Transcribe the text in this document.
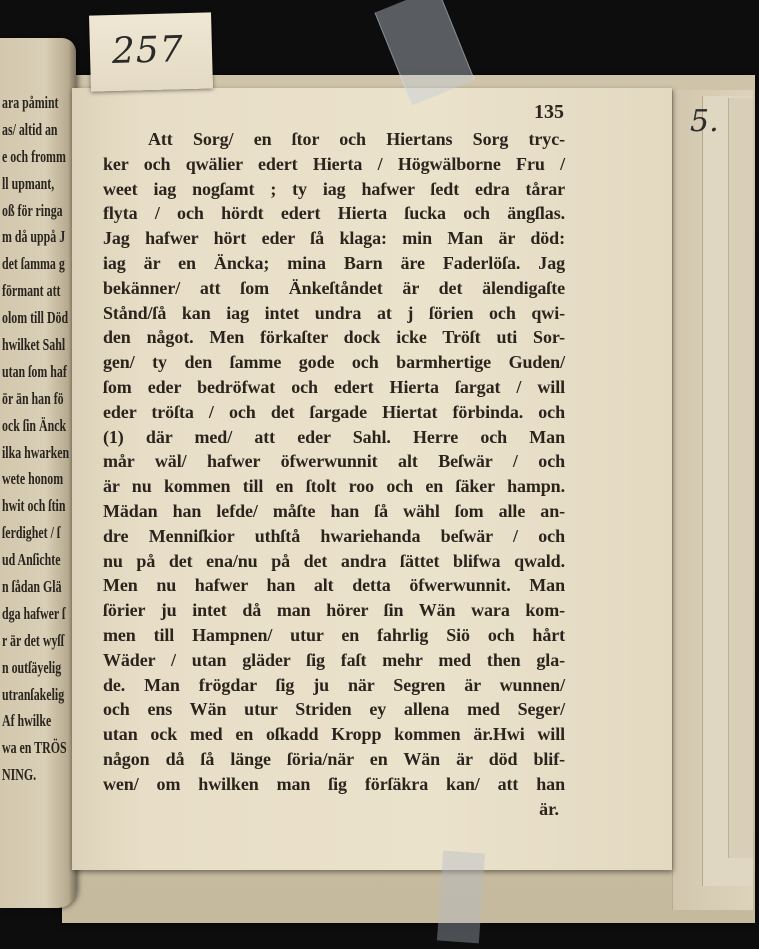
5.
ara påmint
as/ altid an
e och fromm
ll upmant,
oß för ringa
m då uppå J
det ſamma g
förmant att
olom till Död
hwilket Sahl
utan ſom haf
ör än han fö
ock ſin Änck
ilka hwarken
wete honom
hwit och ſtin
ſerdighet / ſ
ud Anſichte
n ſådan Glä
dga hafwer ſ
r är det wyſſ
n outſäyelig
utranſakelig
Af hwilke
wa en TRÖS
NING.
135
Att Sorg/ en ſtor och Hiertans Sorg tryc-
ker och qwälier edert Hierta / Högwälborne Fru /
weet iag nogſamt ; ty iag hafwer ſedt edra tårar
flyta / och hördt edert Hierta ſucka och ängſlas.
Jag hafwer hört eder ſå klaga: min Man är död:
iag är en Äncka; mina Barn äre Faderlöſa. Jag
bekänner/ att ſom Änkeſtåndet är det älendigaſte
Stånd/ſå kan iag intet undra at j ſörien och qwi-
den något. Men förkaſter dock icke Tröſt uti Sor-
gen/ ty den ſamme gode och barmhertige Guden/
ſom eder bedröfwat och edert Hierta ſargat / will
eder tröſta / och det ſargade Hiertat förbinda. och
(1) där med/ att eder Sahl. Herre och Man
mår wäl/ hafwer öfwerwunnit alt Beſwär / och
är nu kommen till en ſtolt roo och en ſäker hampn.
Mädan han lefde/ måſte han ſå wähl ſom alle an-
dre Menniſkior uthſtå hwariehanda beſwär / och
nu på det ena/nu på det andra ſättet blifwa qwald.
Men nu hafwer han alt detta öfwerwunnit. Man
ſörier ju intet då man hörer ſin Wän wara kom-
men till Hampnen/ utur en fahrlig Siö och hårt
Wäder / utan gläder ſig faſt mehr med then gla-
de. Man frögdar ſig ju när Segren är wunnen/
och ens Wän utur Striden ey allena med Seger/
utan ock med en oſkadd Kropp kommen är.Hwi will
någon då ſå länge ſöria/när en Wän är död blif-
wen/ om hwilken man ſig förſäkra kan/ att han
är.
257
